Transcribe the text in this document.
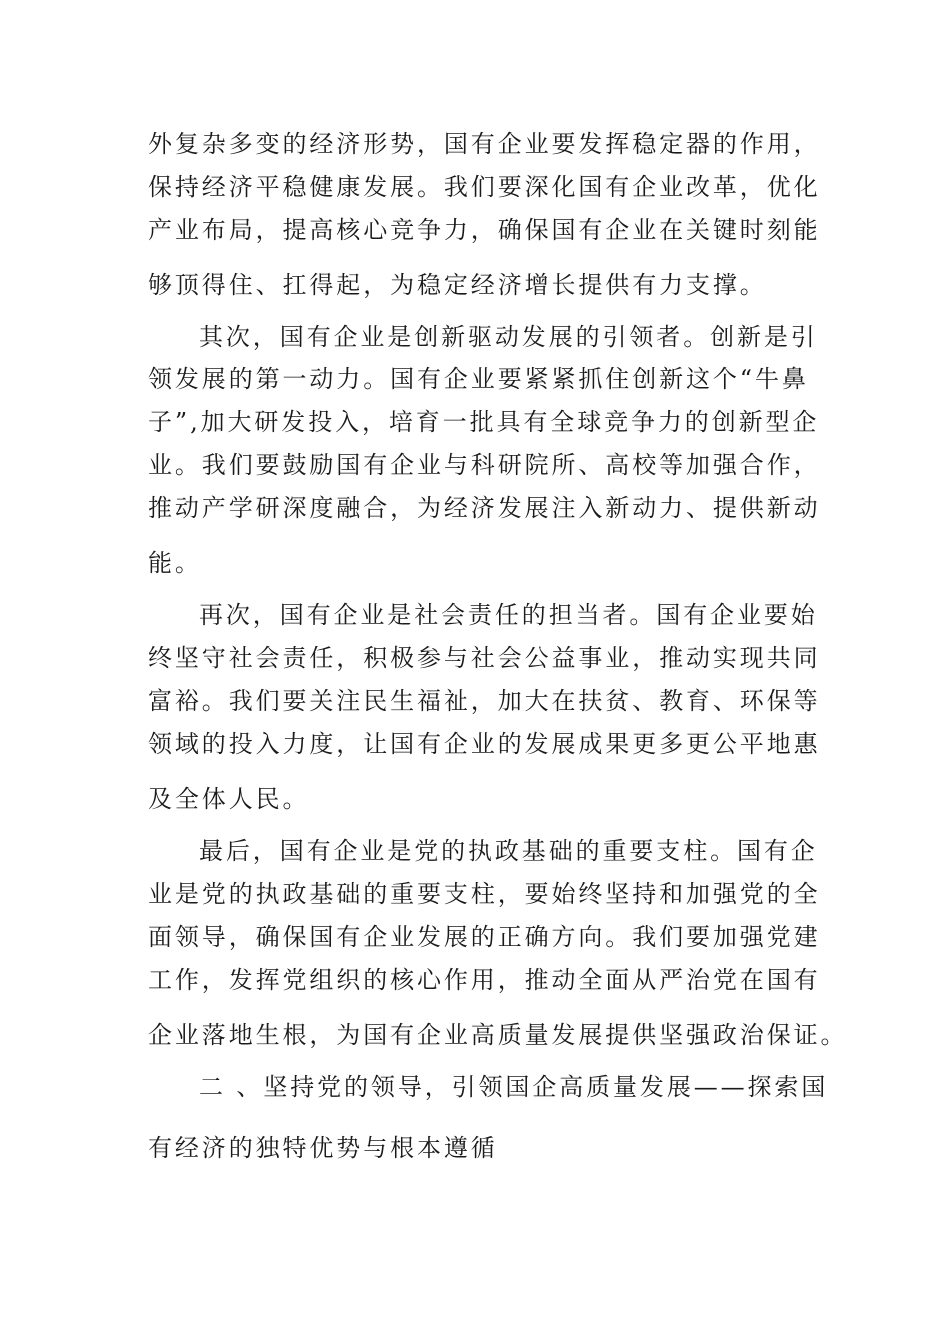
外复杂多变的经济形势，国有企业要发挥稳定器的作用，
保持经济平稳健康发展。我们要深化国有企业改革，优化
产业布局，提高核心竞争力，确保国有企业在关键时刻能
够顶得住、扛得起，为稳定经济增长提供有力支撑。
其次，国有企业是创新驱动发展的引领者。创新是引
领发展的第一动力。国有企业要紧紧抓住创新这个“牛鼻
子”,加大研发投入，培育一批具有全球竞争力的创新型企
业。我们要鼓励国有企业与科研院所、高校等加强合作，
推动产学研深度融合，为经济发展注入新动力、提供新动
能。
再次，国有企业是社会责任的担当者。国有企业要始
终坚守社会责任，积极参与社会公益事业，推动实现共同
富裕。我们要关注民生福祉，加大在扶贫、教育、环保等
领域的投入力度，让国有企业的发展成果更多更公平地惠
及全体人民。
最后，国有企业是党的执政基础的重要支柱。国有企
业是党的执政基础的重要支柱，要始终坚持和加强党的全
面领导，确保国有企业发展的正确方向。我们要加强党建
工作，发挥党组织的核心作用，推动全面从严治党在国有
企业落地生根，为国有企业高质量发展提供坚强政治保证。
二 、坚持党的领导，引领国企高质量发展——探索国
有经济的独特优势与根本遵循
